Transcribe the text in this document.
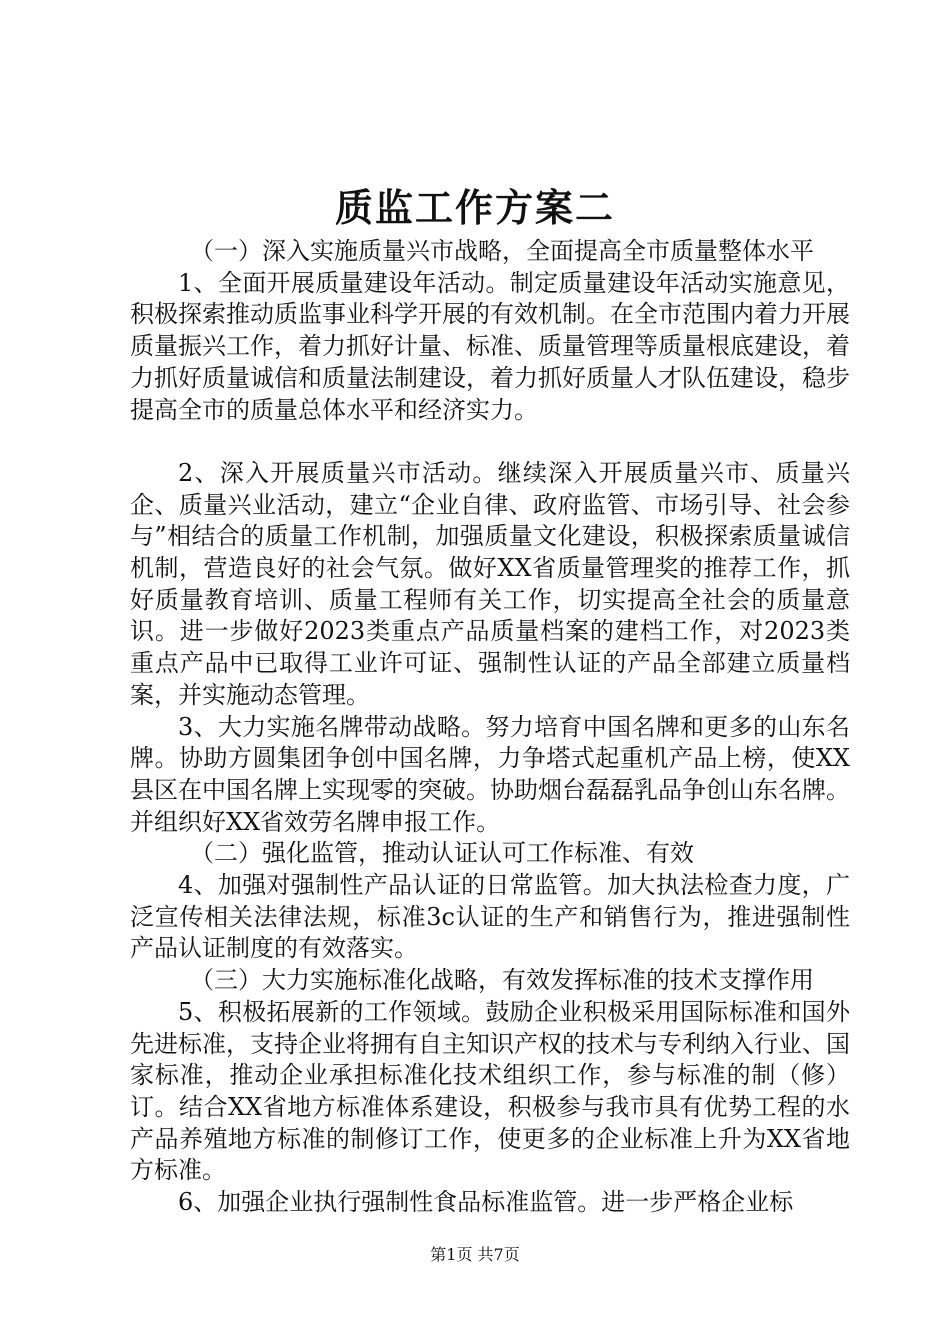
质监工作方案二

（一）深入实施质量兴市战略，全面提高全市质量整体水平

1、全面开展质量建设年活动。制定质量建设年活动实施意见，积极探索推动质监事业科学开展的有效机制。在全市范围内着力开展质量振兴工作，着力抓好计量、标准、质量管理等质量根底建设，着力抓好质量诚信和质量法制建设，着力抓好质量人才队伍建设，稳步提高全市的质量总体水平和经济实力。

2、深入开展质量兴市活动。继续深入开展质量兴市、质量兴企、质量兴业活动，建立“企业自律、政府监管、市场引导、社会参与”相结合的质量工作机制，加强质量文化建设，积极探索质量诚信机制，营造良好的社会气氛。做好XX省质量管理奖的推荐工作，抓好质量教育培训、质量工程师有关工作，切实提高全社会的质量意识。进一步做好2023类重点产品质量档案的建档工作，对2023类重点产品中已取得工业许可证、强制性认证的产品全部建立质量档案，并实施动态管理。

3、大力实施名牌带动战略。努力培育中国名牌和更多的山东名牌。协助方圆集团争创中国名牌，力争塔式起重机产品上榜，使XX县区在中国名牌上实现零的突破。协助烟台磊磊乳品争创山东名牌。并组织好XX省效劳名牌申报工作。

（二）强化监管，推动认证认可工作标准、有效

4、加强对强制性产品认证的日常监管。加大执法检查力度，广泛宣传相关法律法规，标准3c认证的生产和销售行为，推进强制性产品认证制度的有效落实。

（三）大力实施标准化战略，有效发挥标准的技术支撑作用

5、积极拓展新的工作领域。鼓励企业积极采用国际标准和国外先进标准，支持企业将拥有自主知识产权的技术与专利纳入行业、国家标准，推动企业承担标准化技术组织工作，参与标准的制（修）订。结合XX省地方标准体系建设，积极参与我市具有优势工程的水产品养殖地方标准的制修订工作，使更多的企业标准上升为XX省地方标准。

6、加强企业执行强制性食品标准监管。进一步严格企业标

第1页 共7页
